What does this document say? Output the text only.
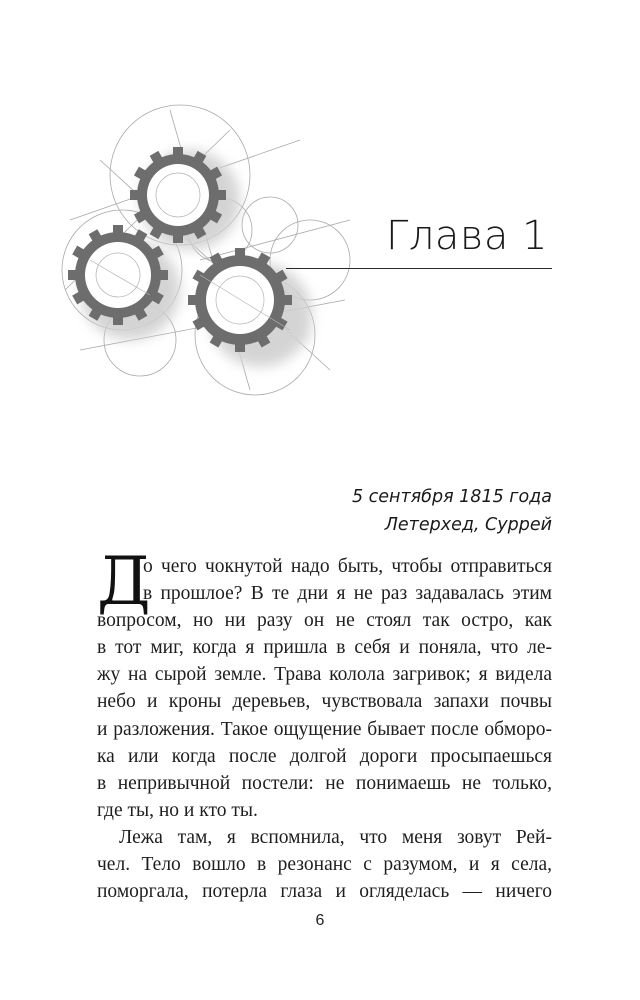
Глава 1
5 сентября 1815 года
Летерхед, Суррей
Д
о чего чокнутой надо быть, чтобы отправиться
в прошлое? В те дни я не раз задавалась этим
вопросом, но ни разу он не стоял так остро, как
в тот миг, когда я пришла в себя и поняла, что ле-
жу на сырой земле. Трава колола загривок; я видела
небо и кроны деревьев, чувствовала запахи почвы
и разложения. Такое ощущение бывает после обморо-
ка или когда после долгой дороги просыпаешься
в непривычной постели: не понимаешь не только,
где ты, но и кто ты.
Лежа там, я вспомнила, что меня зовут Рей-
чел. Тело вошло в резонанс с разумом, и я села,
поморгала, потерла глаза и огляделась — ничего
6
